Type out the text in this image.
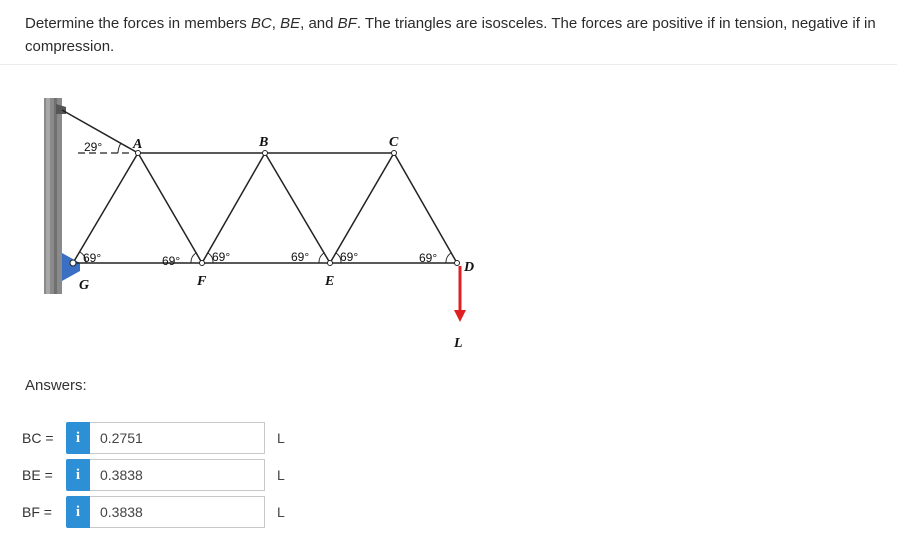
Determine the forces in members BC, BE, and BF. The triangles are isosceles. The forces are positive if in tension, negative if in compression.
A	B	C
D
E
F
G
L
29°
69°	69°	69°	69°	69°	69°
Answers:
BC =	i	0.2751	L
BE =	i	0.3838	L
BF =	i	0.3838	L
